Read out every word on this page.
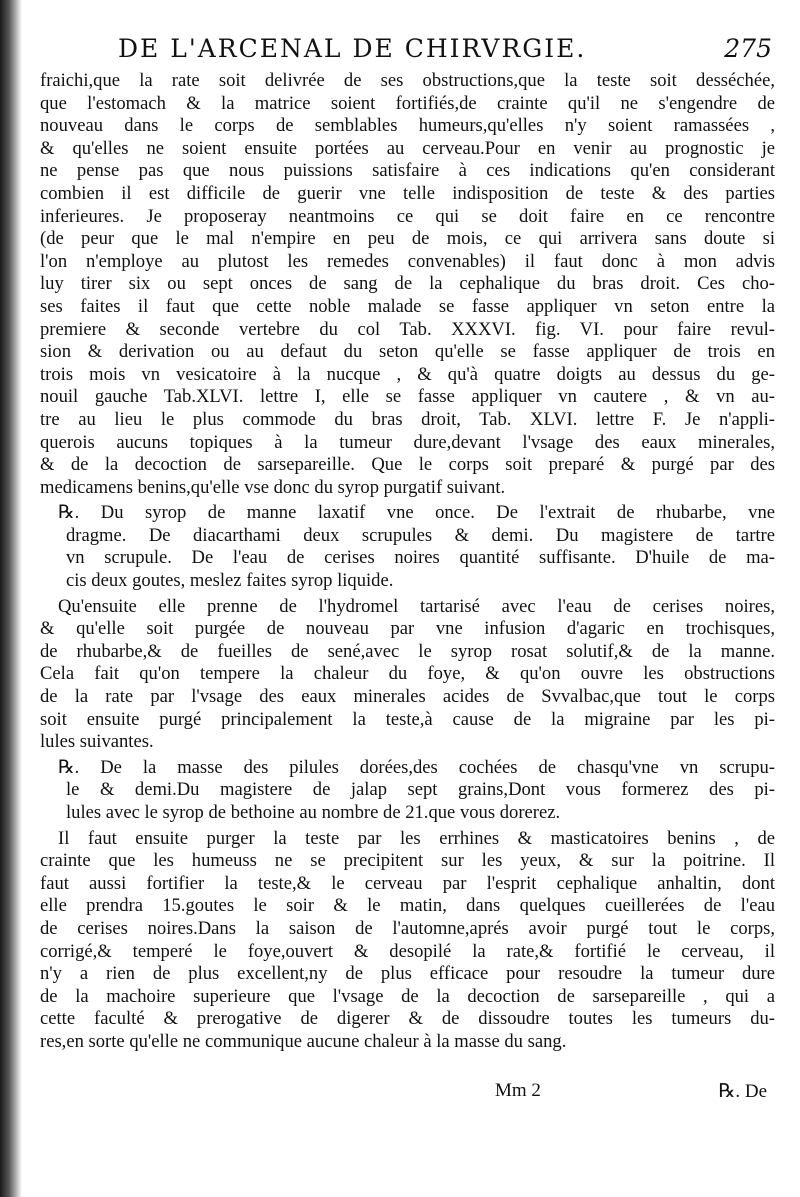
DE L'ARCENAL DE CHIRVRGIE.	275
fraichi,que la rate soit delivrée de ses obstructions,que la teste soit desséchée,
que l'estomach & la matrice soient fortifiés,de crainte qu'il ne s'engendre de
nouveau dans le corps de semblables humeurs,qu'elles n'y soient ramassées ,
& qu'elles ne soient ensuite portées au cerveau.Pour en venir au prognostic je
ne pense pas que nous puissions satisfaire à ces indications qu'en considerant
combien il est difficile de guerir vne telle indisposition de teste & des parties
inferieures. Je proposeray neantmoins ce qui se doit faire en ce rencontre
(de peur que le mal n'empire en peu de mois, ce qui arrivera sans doute si
l'on n'employe au plutost les remedes convenables) il faut donc à mon advis
luy tirer six ou sept onces de sang de la cephalique du bras droit. Ces cho-
ses faites il faut que cette noble malade se fasse appliquer vn seton entre la
premiere & seconde vertebre du col Tab. XXXVI. fig. VI. pour faire revul-
sion & derivation ou au defaut du seton qu'elle se fasse appliquer de trois en
trois mois vn vesicatoire à la nucque , & qu'à quatre doigts au dessus du ge-
nouil gauche Tab.XLVI. lettre I, elle se fasse appliquer vn cautere , & vn au-
tre au lieu le plus commode du bras droit, Tab. XLVI. lettre F. Je n'appli-
querois aucuns topiques à la tumeur dure,devant l'vsage des eaux minerales,
& de la decoction de sarsepareille. Que le corps soit preparé & purgé par des
medicamens benins,qu'elle vse donc du syrop purgatif suivant.
℞. Du syrop de manne laxatif vne once. De l'extrait de rhubarbe, vne
dragme. De diacarthami deux scrupules & demi. Du magistere de tartre
vn scrupule. De l'eau de cerises noires quantité suffisante. D'huile de ma-
cis deux goutes, meslez faites syrop liquide.
Qu'ensuite elle prenne de l'hydromel tartarisé avec l'eau de cerises noires,
& qu'elle soit purgée de nouveau par vne infusion d'agaric en trochisques,
de rhubarbe,& de fueilles de sené,avec le syrop rosat solutif,& de la manne.
Cela fait qu'on tempere la chaleur du foye, & qu'on ouvre les obstructions
de la rate par l'vsage des eaux minerales acides de Svvalbac,que tout le corps
soit ensuite purgé principalement la teste,à cause de la migraine par les pi-
lules suivantes.
℞. De la masse des pilules dorées,des cochées de chasqu'vne vn scrupu-
le & demi.Du magistere de jalap sept grains,Dont vous formerez des pi-
lules avec le syrop de bethoine au nombre de 21.que vous dorerez.
Il faut ensuite purger la teste par les errhines & masticatoires benins , de
crainte que les humeuss ne se precipitent sur les yeux, & sur la poitrine. Il
faut aussi fortifier la teste,& le cerveau par l'esprit cephalique anhaltin, dont
elle prendra 15.goutes le soir & le matin, dans quelques cueillerées de l'eau
de cerises noires.Dans la saison de l'automne,aprés avoir purgé tout le corps,
corrigé,& temperé le foye,ouvert & desopilé la rate,& fortifié le cerveau, il
n'y a rien de plus excellent,ny de plus efficace pour resoudre la tumeur dure
de la machoire superieure que l'vsage de la decoction de sarsepareille , qui a
cette faculté & prerogative de digerer & de dissoudre toutes les tumeurs du-
res,en sorte qu'elle ne communique aucune chaleur à la masse du sang.
Mm 2	℞. De
